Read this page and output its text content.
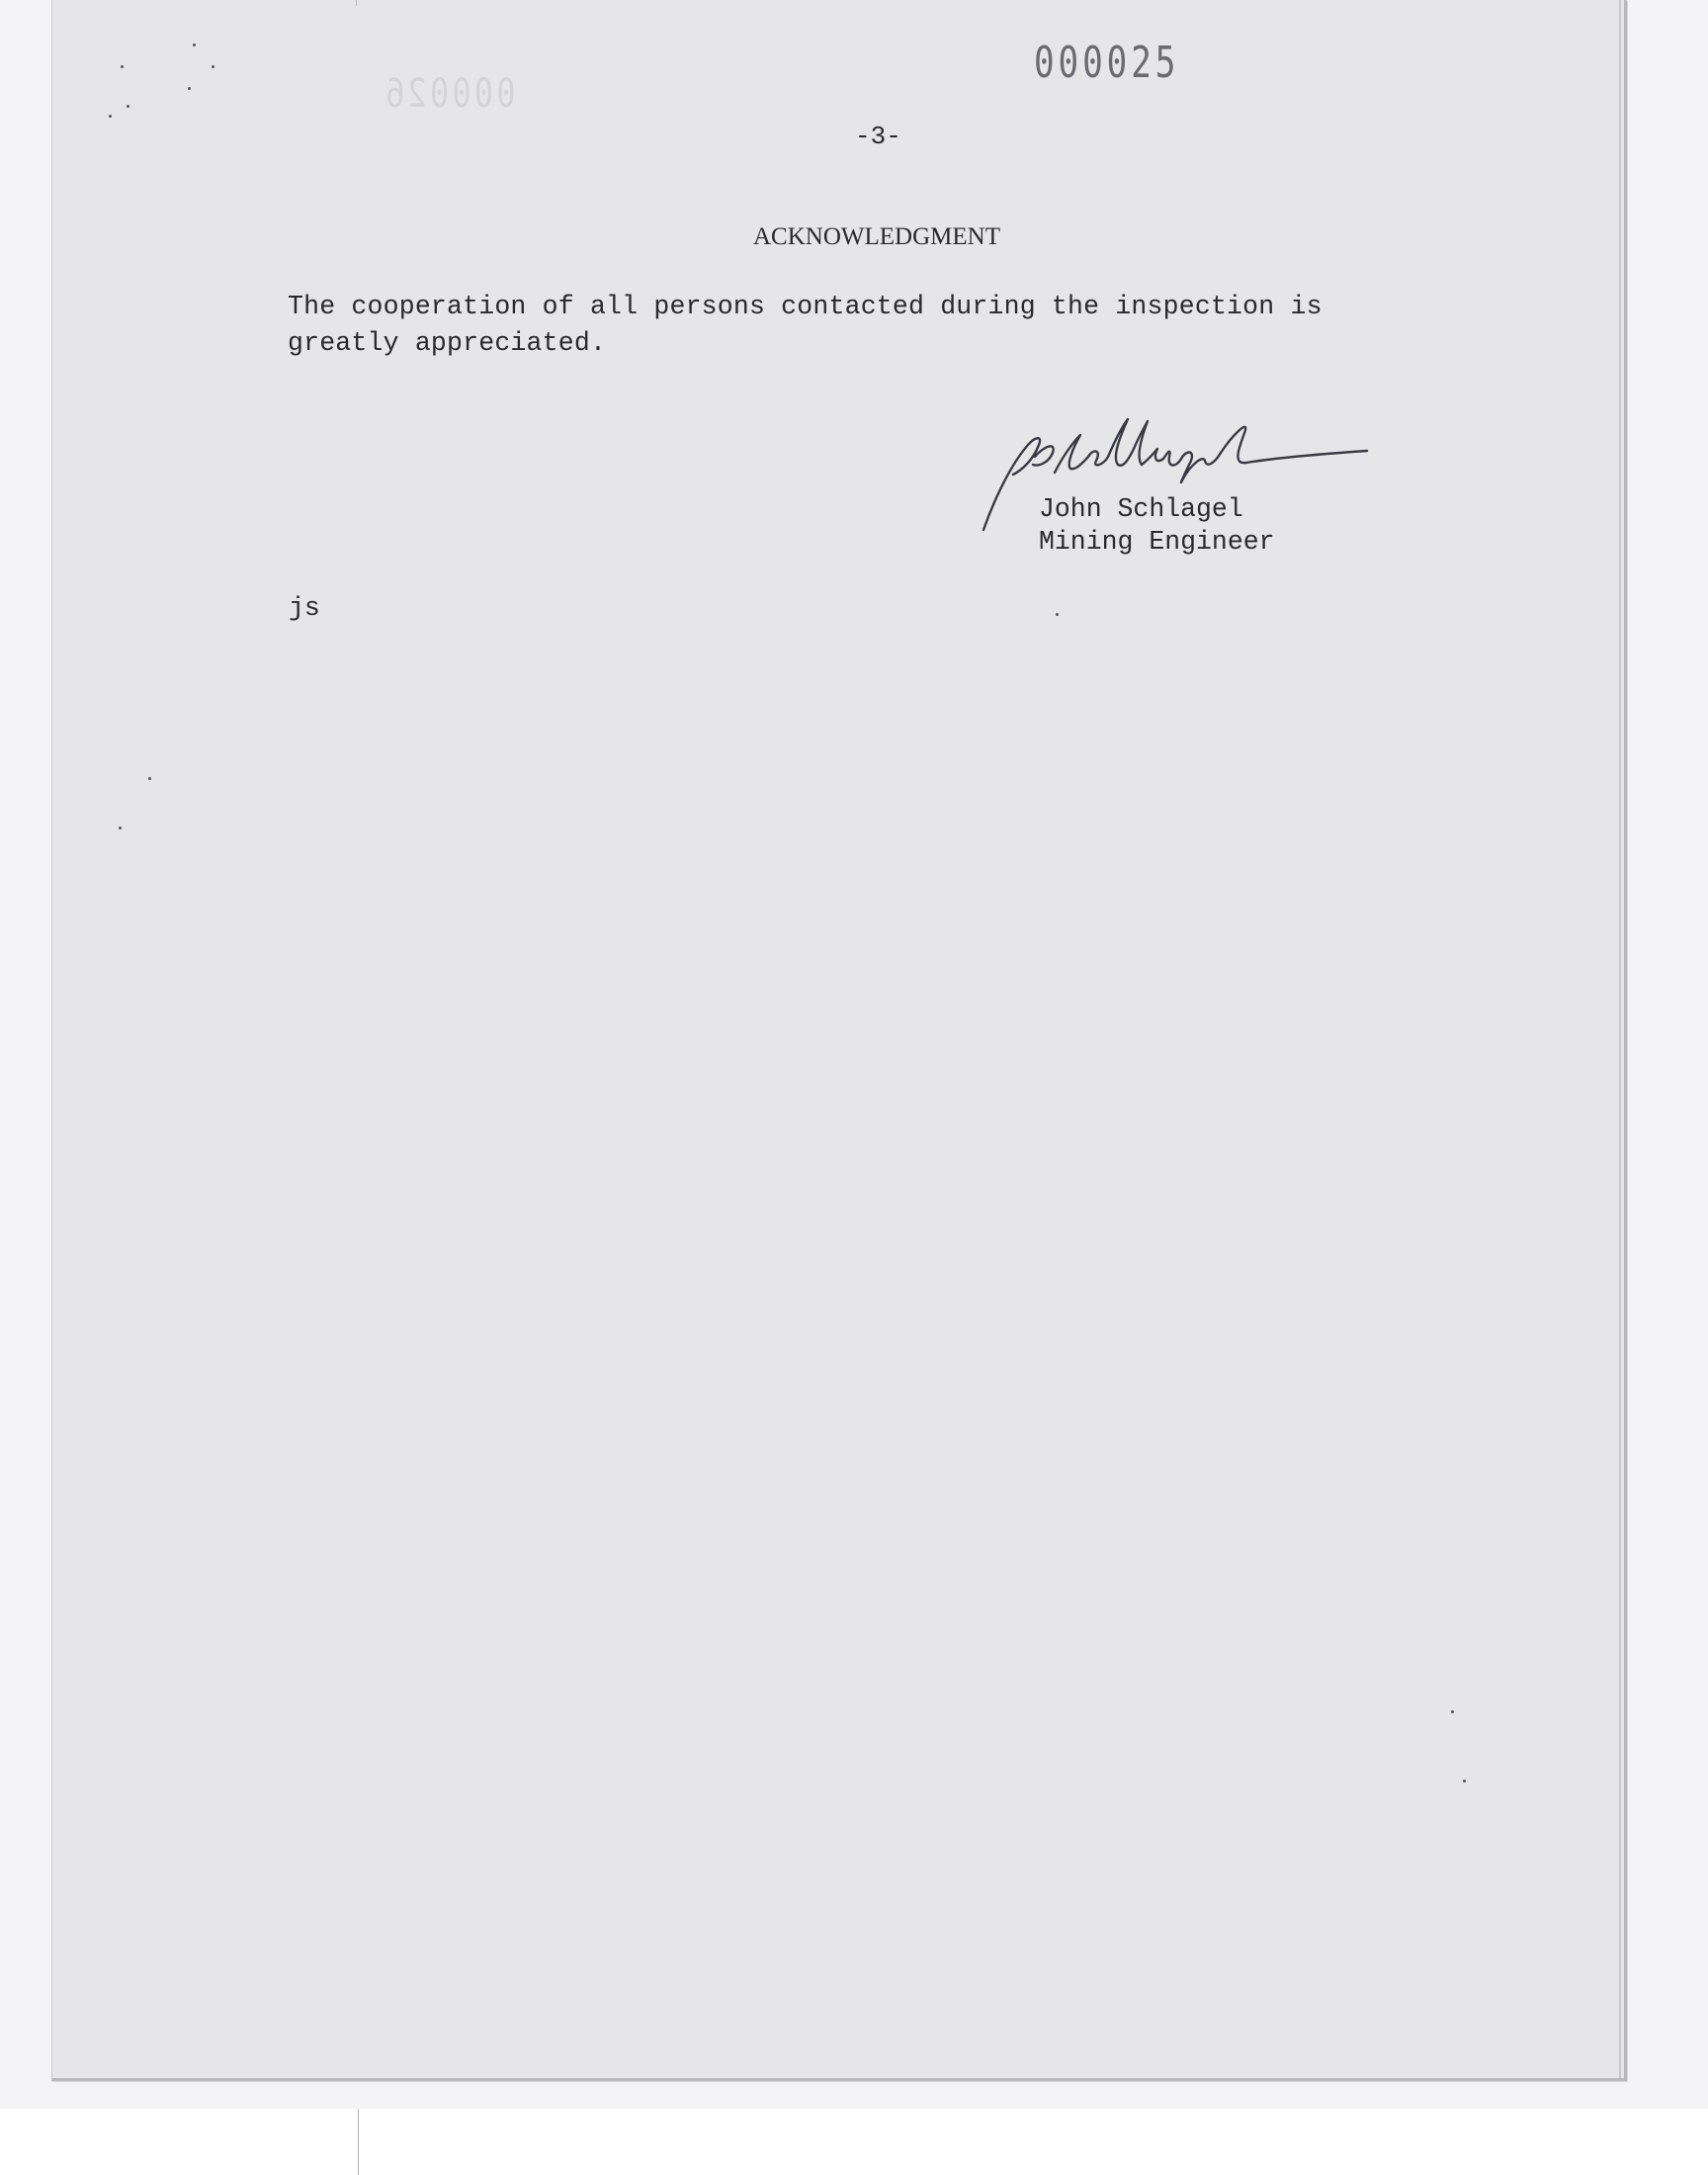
000025
000026
-3-
ACKNOWLEDGMENT
The cooperation of all persons contacted during the inspection is
greatly appreciated.
John Schlagel
Mining Engineer
js
